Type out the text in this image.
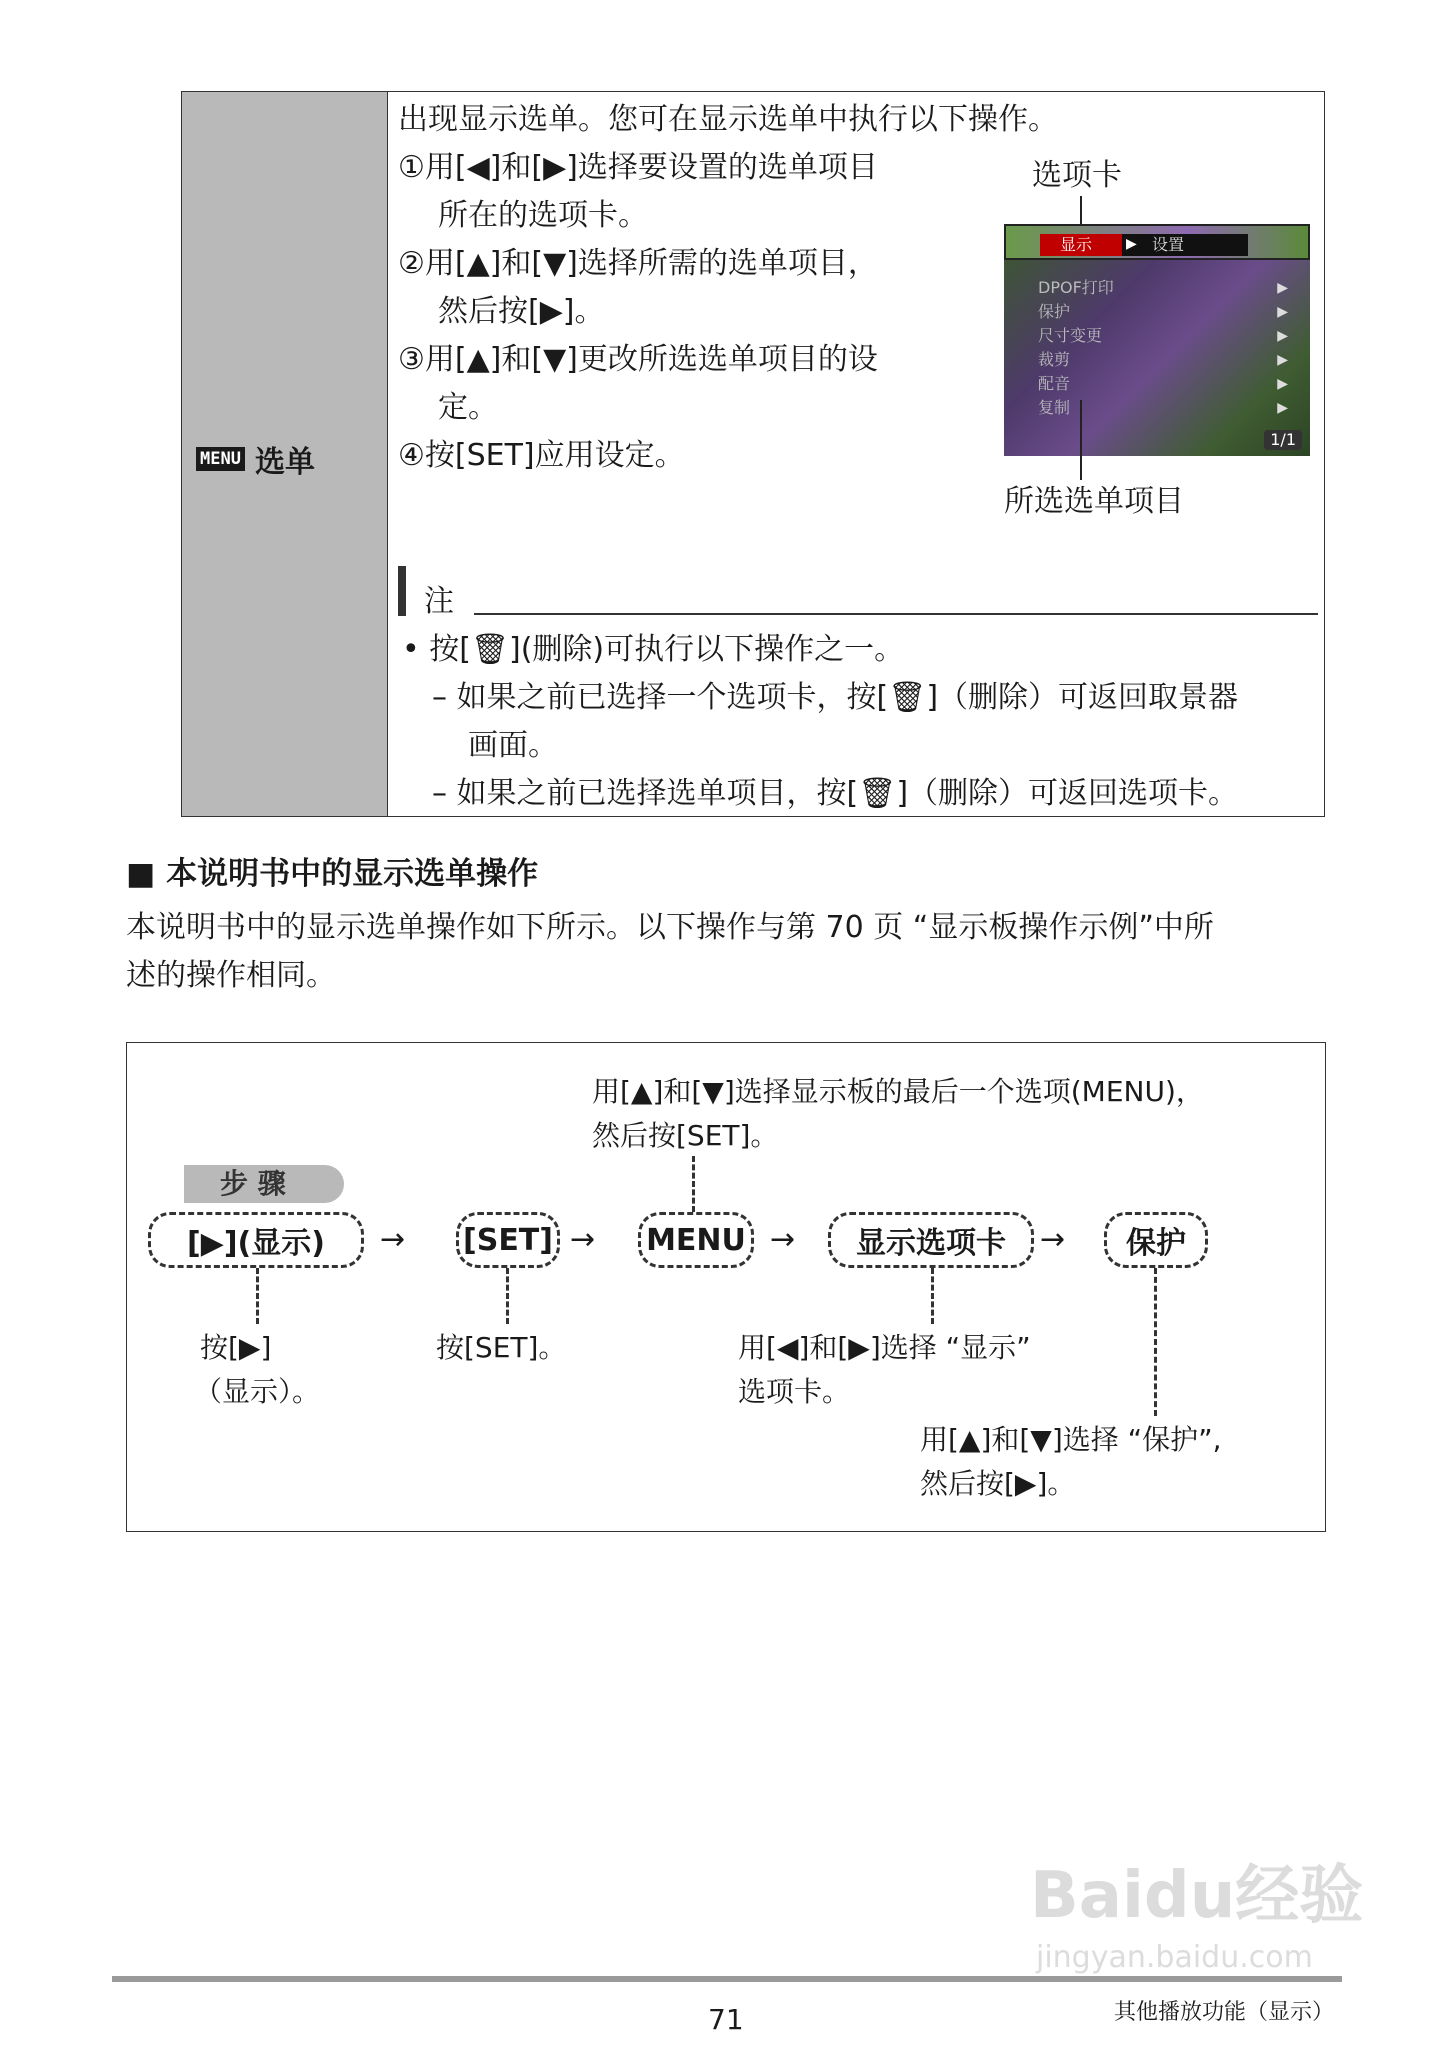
MENU 选单
出现显示选单。您可在显示选单中执行以下操作。
①用[◀]和[▶]选择要设置的选单项目
所在的选项卡。
②用[▲]和[▼]选择所需的选单项目，
然后按[▶]。
③用[▲]和[▼]更改所选选单项目的设
定。
④按[SET]应用设定。
选项卡
显示	设置
▶
DPOF打印	▶
保护	▶
尺寸变更	▶
裁剪	▶
配音	▶
复制	▶
1/1
所选选单项目
注
• 按[🗑](删除)可执行以下操作之一。
– 如果之前已选择一个选项卡，按[🗑]（删除）可返回取景器
画面。
– 如果之前已选择选单项目，按[🗑]（删除）可返回选项卡。
■ 本说明书中的显示选单操作
本说明书中的显示选单操作如下所示。以下操作与第 70 页 “显示板操作示例”中所
述的操作相同。
用[▲]和[▼]选择显示板的最后一个选项(MENU)，
然后按[SET]。
步 骤
[▶](显示)	→ [SET] → MENU →	显示选项卡	→	保护
按[▶]
（显示）。
按[SET]。	用[◀]和[▶]选择 “显示”
选项卡。
用[▲]和[▼]选择 “保护”,
然后按[▶]。
Baidu经验
jingyan.baidu.com
71	其他播放功能（显示）
